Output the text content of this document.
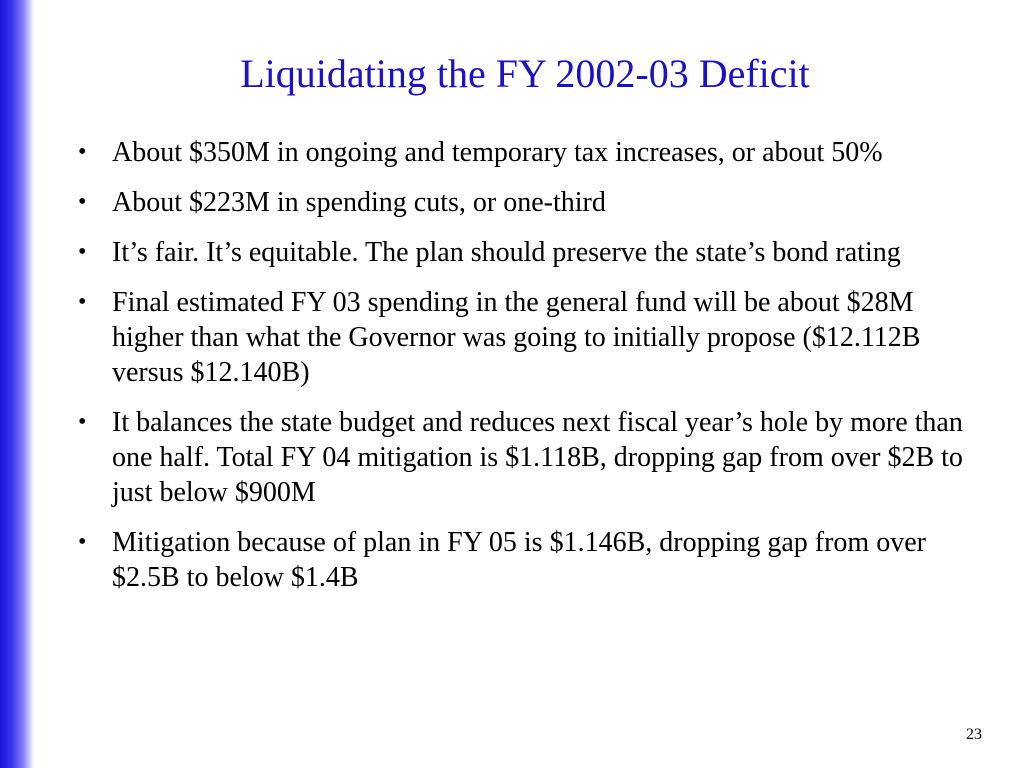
Liquidating the FY 2002-03 Deficit
• About $350M in ongoing and temporary tax increases, or about 50%
• About $223M in spending cuts, or one-third
• It’s fair. It’s equitable. The plan should preserve the state’s bond rating
• Final estimated FY 03 spending in the general fund will be about $28M higher than what the Governor was going to initially propose ($12.112B versus $12.140B)
• It balances the state budget and reduces next fiscal year’s hole by more than one half. Total FY 04 mitigation is $1.118B, dropping gap from over $2B to just below $900M
• Mitigation because of plan in FY 05 is $1.146B, dropping gap from over $2.5B to below $1.4B
23
